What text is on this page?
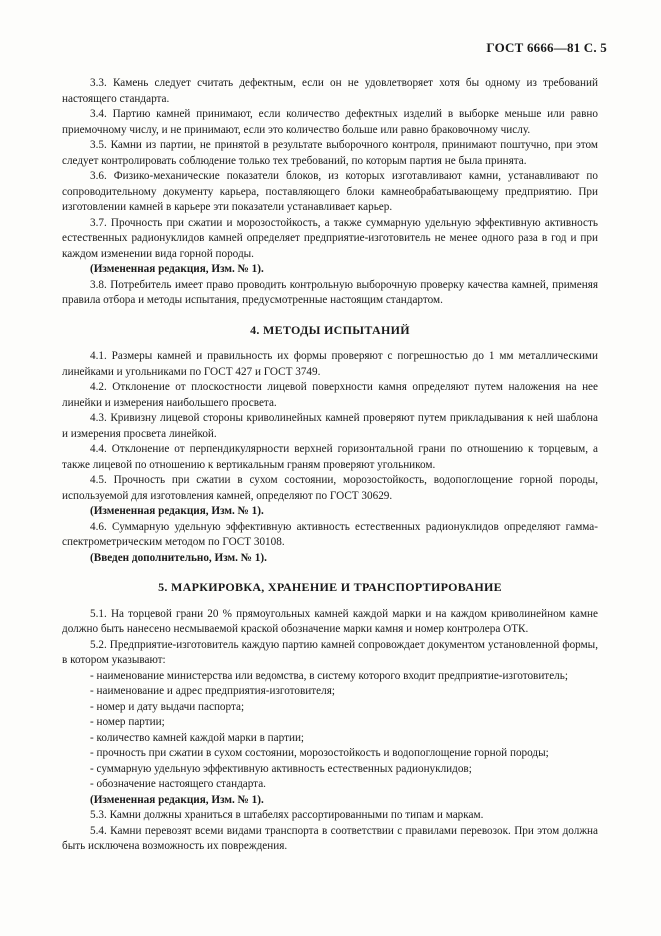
ГОСТ 6666—81 С. 5

3.3. Камень следует считать дефектным, если он не удовлетворяет хотя бы одному из требований настоящего стандарта.

3.4. Партию камней принимают, если количество дефектных изделий в выборке меньше или равно приемочному числу, и не принимают, если это количество больше или равно браковочному числу.

3.5. Камни из партии, не принятой в результате выборочного контроля, принимают поштучно, при этом следует контролировать соблюдение только тех требований, по которым партия не была принята.

3.6. Физико-механические показатели блоков, из которых изготавливают камни, устанавливают по сопроводительному документу карьера, поставляющего блоки камнеобрабатывающему предприятию. При изготовлении камней в карьере эти показатели устанавливает карьер.

3.7. Прочность при сжатии и морозостойкость, а также суммарную удельную эффективную активность естественных радионуклидов камней определяет предприятие-изготовитель не менее одного раза в год и при каждом изменении вида горной породы.

(Измененная редакция, Изм. № 1).

3.8. Потребитель имеет право проводить контрольную выборочную проверку качества камней, применяя правила отбора и методы испытания, предусмотренные настоящим стандартом.

4. МЕТОДЫ ИСПЫТАНИЙ

4.1. Размеры камней и правильность их формы проверяют с погрешностью до 1 мм металлическими линейками и угольниками по ГОСТ 427 и ГОСТ 3749.

4.2. Отклонение от плоскостности лицевой поверхности камня определяют путем наложения на нее линейки и измерения наибольшего просвета.

4.3. Кривизну лицевой стороны криволинейных камней проверяют путем прикладывания к ней шаблона и измерения просвета линейкой.

4.4. Отклонение от перпендикулярности верхней горизонтальной грани по отношению к торцевым, а также лицевой по отношению к вертикальным граням проверяют угольником.

4.5. Прочность при сжатии в сухом состоянии, морозостойкость, водопоглощение горной породы, используемой для изготовления камней, определяют по ГОСТ 30629.

(Измененная редакция, Изм. № 1).

4.6. Суммарную удельную эффективную активность естественных радионуклидов определяют гамма-спектрометрическим методом по ГОСТ 30108.

(Введен дополнительно, Изм. № 1).

5. МАРКИРОВКА, ХРАНЕНИЕ И ТРАНСПОРТИРОВАНИЕ

5.1. На торцевой грани 20 % прямоугольных камней каждой марки и на каждом криволинейном камне должно быть нанесено несмываемой краской обозначение марки камня и номер контролера ОТК.

5.2. Предприятие-изготовитель каждую партию камней сопровождает документом установленной формы, в котором указывают:

- наименование министерства или ведомства, в систему которого входит предприятие-изготовитель;

- наименование и адрес предприятия-изготовителя;

- номер и дату выдачи паспорта;

- номер партии;

- количество камней каждой марки в партии;

- прочность при сжатии в сухом состоянии, морозостойкость и водопоглощение горной породы;

- суммарную удельную эффективную активность естественных радионуклидов;

- обозначение настоящего стандарта.

(Измененная редакция, Изм. № 1).

5.3. Камни должны храниться в штабелях рассортированными по типам и маркам.

5.4. Камни перевозят всеми видами транспорта в соответствии с правилами перевозок. При этом должна быть исключена возможность их повреждения.
